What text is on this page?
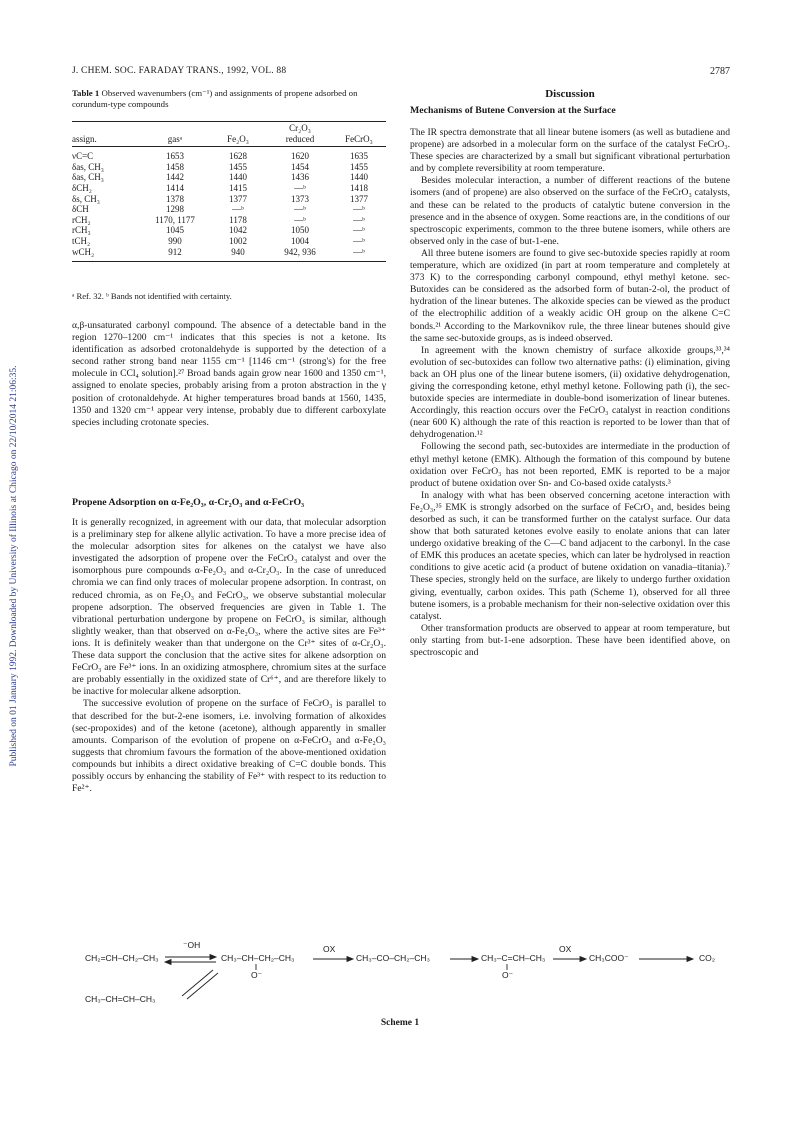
Published on 01 January 1992. Downloaded by University of Illinois at Chicago on 22/10/2014 21:06:35.
J. CHEM. SOC. FARADAY TRANS., 1992, VOL. 88	2787
Table 1 Observed wavenumbers (cm⁻¹) and assignments of propene adsorbed on corundum-type compounds
			Cr₂O₃	
assign.	gasᵃ	Fe₂O₃	reduced	FeCrO₃
νC=C	1653	1628	1620	1635
δas, CH₃	1458	1455	1454	1455
δas, CH₃	1442	1440	1436	1440
δCH₂	1414	1415	—ᵇ	1418
δs, CH₃	1378	1377	1373	1377
δCH	1298	—ᵇ	—ᵇ	—ᵇ
rCH₂	1170, 1177	1178	—ᵇ	—ᵇ
rCH₃	1045	1042	1050	—ᵇ
tCH₂	990	1002	1004	—ᵇ
wCH₂	912	940	942, 936	—ᵇ
ᵃ Ref. 32. ᵇ Bands not identified with certainty.

α,β-unsaturated carbonyl compound. The absence of a detectable band in the region 1270–1200 cm⁻¹ indicates that this species is not a ketone. Its identification as adsorbed crotonaldehyde is supported by the detection of a second rather strong band near 1155 cm⁻¹ [1146 cm⁻¹ (strong's) for the free molecule in CCl₄ solution].²⁷ Broad bands again grow near 1600 and 1350 cm⁻¹, assigned to enolate species, probably arising from a proton abstraction in the γ position of crotonaldehyde. At higher temperatures broad bands at 1560, 1435, 1350 and 1320 cm⁻¹ appear very intense, probably due to different carboxylate species including crotonate species.

Propene Adsorption on α-Fe₂O₃, α-Cr₂O₃ and α-FeCrO₃

It is generally recognized, in agreement with our data, that molecular adsorption is a preliminary step for alkene allylic activation. To have a more precise idea of the molecular adsorption sites for alkenes on the catalyst we have also investigated the adsorption of propene over the FeCrO₃ catalyst and over the isomorphous pure compounds α-Fe₂O₃ and α-Cr₂O₃. In the case of unreduced chromia we can find only traces of molecular propene adsorption. In contrast, on reduced chromia, as on Fe₂O₃ and FeCrO₃, we observe substantial molecular propene adsorption. The observed frequencies are given in Table 1. The vibrational perturbation undergone by propene on FeCrO₃ is similar, although slightly weaker, than that observed on α-Fe₂O₃, where the active sites are Fe³⁺ ions. It is definitely weaker than that undergone on the Cr³⁺ sites of α-Cr₂O₃. These data support the conclusion that the active sites for alkene adsorption on FeCrO₃ are Fe³⁺ ions. In an oxidizing atmosphere, chromium sites at the surface are probably essentially in the oxidized state of Cr⁶⁺, and are therefore likely to be inactive for molecular alkene adsorption.

The successive evolution of propene on the surface of FeCrO₃ is parallel to that described for the but-2-ene isomers, i.e. involving formation of alkoxides (sec-propoxides) and of the ketone (acetone), although apparently in smaller amounts. Comparison of the evolution of propene on α-FeCrO₃ and α-Fe₂O₃ suggests that chromium favours the formation of the above-mentioned oxidation compounds but inhibits a direct oxidative breaking of C=C double bonds. This possibly occurs by enhancing the stability of Fe³⁺ with respect to its reduction to Fe²⁺.

Discussion
Mechanisms of Butene Conversion at the Surface

The IR spectra demonstrate that all linear butene isomers (as well as butadiene and propene) are adsorbed in a molecular form on the surface of the catalyst FeCrO₃. These species are characterized by a small but significant vibrational perturbation and by complete reversibility at room temperature.

Besides molecular interaction, a number of different reactions of the butene isomers (and of propene) are also observed on the surface of the FeCrO₃ catalysts, and these can be related to the products of catalytic butene conversion in the presence and in the absence of oxygen. Some reactions are, in the conditions of our spectroscopic experiments, common to the three butene isomers, while others are observed only in the case of but-1-ene.

All three butene isomers are found to give sec-butoxide species rapidly at room temperature, which are oxidized (in part at room temperature and completely at 373 K) to the corresponding carbonyl compound, ethyl methyl ketone. sec-Butoxides can be considered as the adsorbed form of butan-2-ol, the product of hydration of the linear butenes. The alkoxide species can be viewed as the product of the electrophilic addition of a weakly acidic OH group on the alkene C=C bonds.²¹ According to the Markovnikov rule, the three linear butenes should give the same sec-butoxide groups, as is indeed observed.

In agreement with the known chemistry of surface alkoxide groups,³³,³⁴ evolution of sec-butoxides can follow two alternative paths: (i) elimination, giving back an OH plus one of the linear butene isomers, (ii) oxidative dehydrogenation, giving the corresponding ketone, ethyl methyl ketone. Following path (i), the sec-butoxide species are intermediate in double-bond isomerization of linear butenes. Accordingly, this reaction occurs over the FeCrO₃ catalyst in reaction conditions (near 600 K) although the rate of this reaction is reported to be lower than that of dehydrogenation.¹²

Following the second path, sec-butoxides are intermediate in the production of ethyl methyl ketone (EMK). Although the formation of this compound by butene oxidation over FeCrO₃ has not been reported, EMK is reported to be a major product of butene oxidation over Sn- and Co-based oxide catalysts.³

In analogy with what has been observed concerning acetone interaction with Fe₂O₃,³⁵ EMK is strongly adsorbed on the surface of FeCrO₃ and, besides being desorbed as such, it can be transformed further on the catalyst surface. Our data show that both saturated ketones evolve easily to enolate anions that can later undergo oxidative breaking of the C—C band adjacent to the carbonyl. In the case of EMK this produces an acetate species, which can later be hydrolysed in reaction conditions to give acetic acid (a product of butene oxidation on vanadia–titania).⁷ These species, strongly held on the surface, are likely to undergo further oxidation giving, eventually, carbon oxides. This path (Scheme 1), observed for all three butene isomers, is a probable mechanism for their non-selective oxidation over this catalyst.

Other transformation products are observed to appear at room temperature, but only starting from but-1-ene adsorption. These have been identified above, on spectroscopic and

CH₂=CH–CH₂–CH₃
CH₃–CH=CH–CH₃
⁻OH
CH₃–CH–CH₂–CH₃
O⁻
OX
CH₃–CO–CH₂–CH₃	CH₃–C=CH–CH₃
O⁻
OX
CH₃COO⁻	CO₂
Scheme 1
